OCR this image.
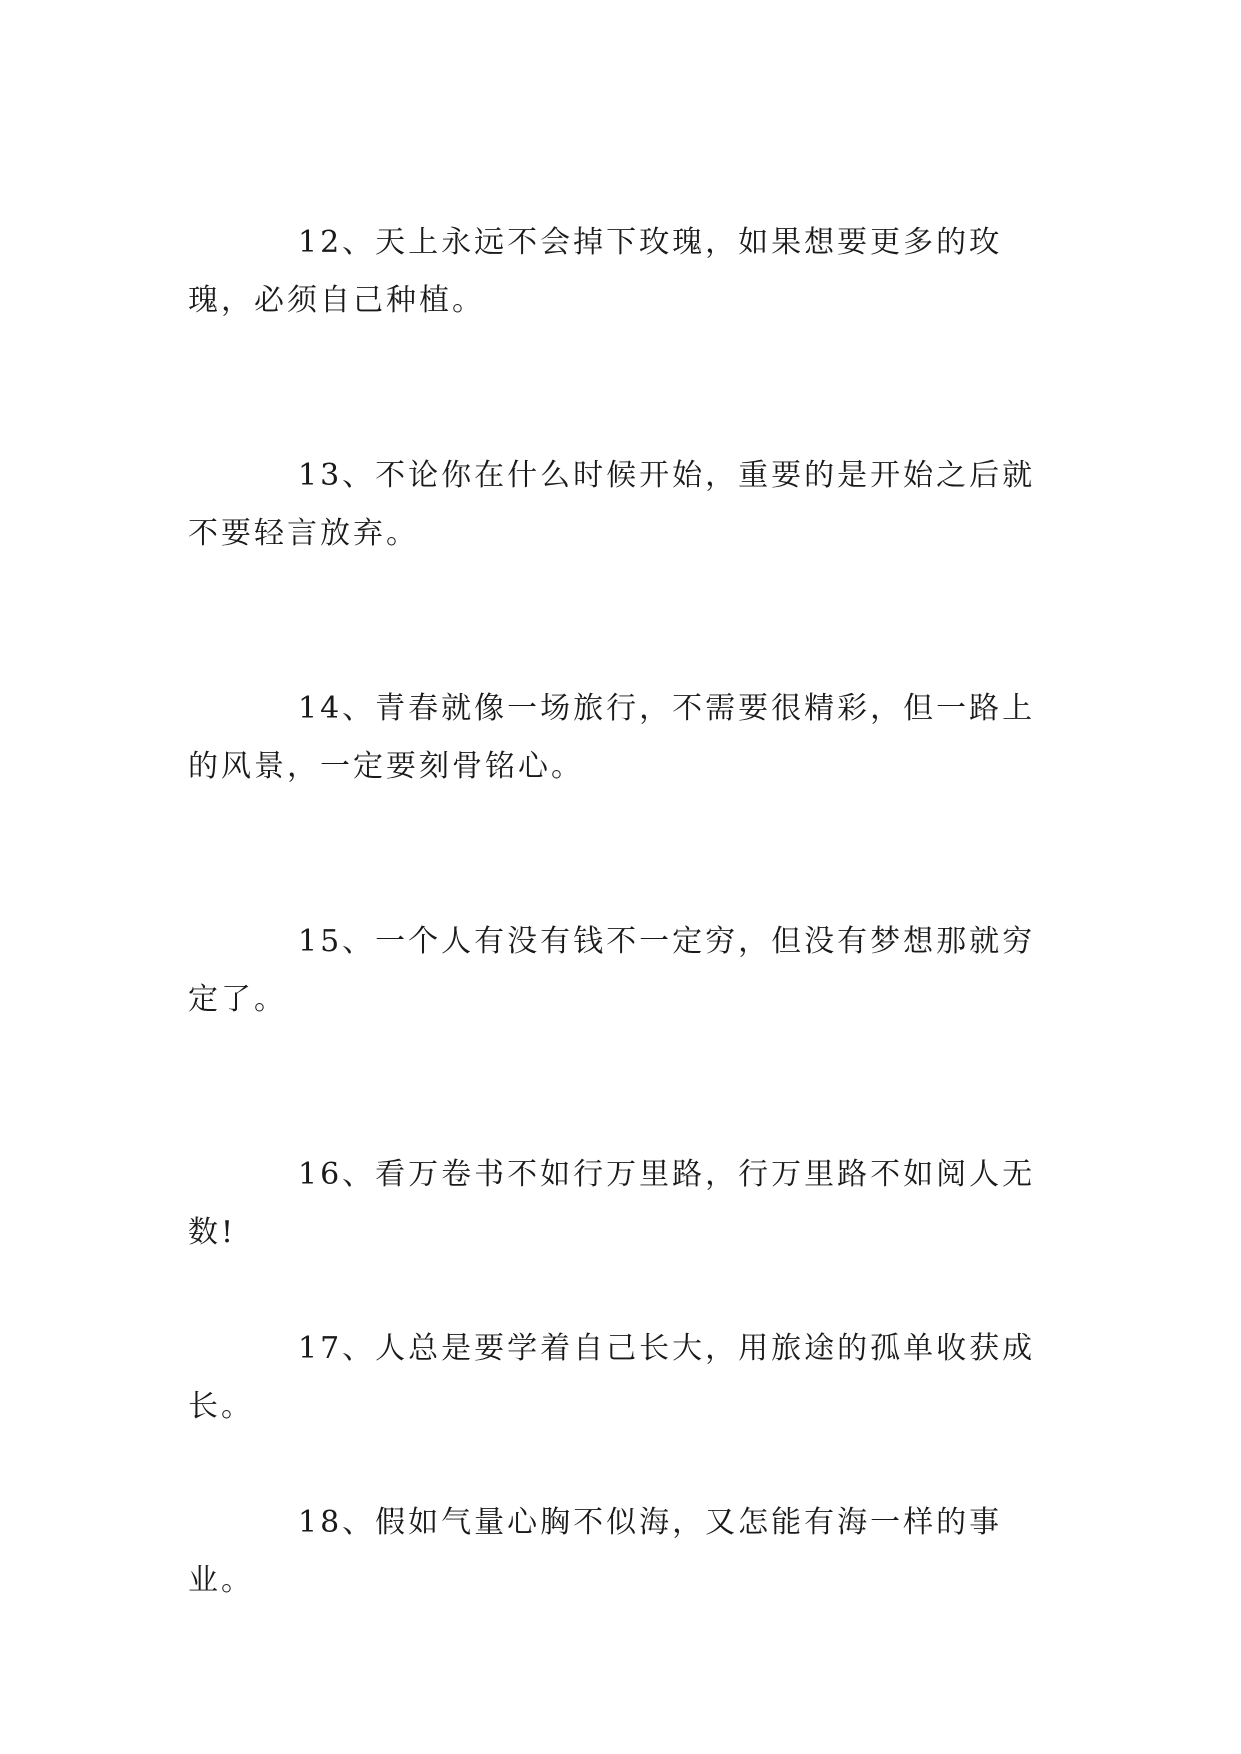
12、天上永远不会掉下玫瑰，如果想要更多的玫瑰，必须自己种植。

13、不论你在什么时候开始，重要的是开始之后就不要轻言放弃。

14、青春就像一场旅行，不需要很精彩，但一路上的风景，一定要刻骨铭心。

15、一个人有没有钱不一定穷，但没有梦想那就穷定了。

16、看万卷书不如行万里路，行万里路不如阅人无数!

17、人总是要学着自己长大，用旅途的孤单收获成长。

18、假如气量心胸不似海，又怎能有海一样的事业。
